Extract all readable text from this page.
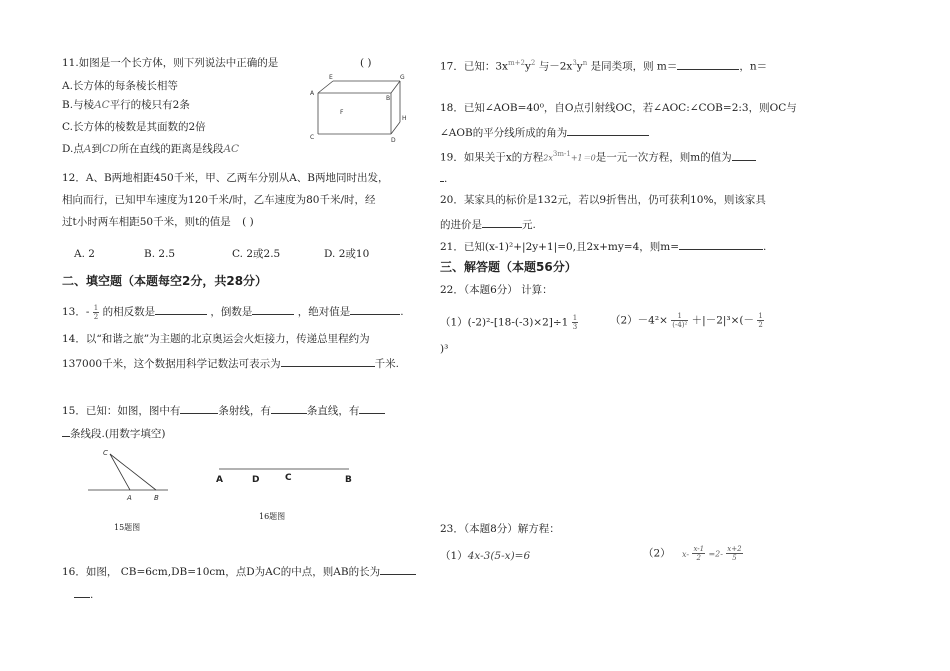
11.如图是一个长方体，则下列说法中正确的是	( )
A.长方体的每条棱长相等
B.与棱AC平行的棱只有2条
C.长方体的棱数是其面数的2倍
D.点A到CD所在直线的距离是线段AC
E	G
A
B
F
H
C	D
12．A、B两地相距450千米，甲、乙两车分别从A、B两地同时出发，
相向而行，已知甲车速度为120千米/时，乙车速度为80千米/时，经
过t小时两车相距50千米，则t的值是 ( )
A. 2	B. 2.5	C. 2或2.5	D. 2或10
二、填空题（本题每空2分，共28分）
13．- $\frac{1}{2}$ 的相反数是	，倒数是	，绝对值是	.
14．以“和谐之旅”为主题的北京奥运会火炬接力，传递总里程约为
137000千米，这个数据用科学记数法可表示为	千米.
15．已知：如图，图中有	条射线，有	条直线，有
条线段.(用数字填空)
C
A	B
15题图
A	D	C	B
16题图
16．如图， CB=6cm,DB=10cm，点D为AC的中点，则AB的长为
.
17．已知：$3x^{m+2}y^2$ 与$-2x^3y^n$ 是同类项，则 m＝	，n＝
18．已知∠AOB=40⁰，自O点引射线OC，若∠AOC:∠COB=2:3，则OC与
∠AOB的平分线所成的角为
19．如果关于x的方程$2x^{3m-1}+1=0$是一元一次方程，则m的值为
.
20．某家具的标价是132元，若以9折售出，仍可获利10%，则该家具
的进价是	元.
21．已知(x-1)²+|2y+1|=0,且2x+my=4，则m=	.
三、解答题（本题56分）
22．（本题6分） 计算：
$(1)(-2)^2-[18-(-3)\times 2]\div 1 \frac{1}{3}$	$(2)-4^2\times \frac{1}{\text{(-4)²}} +|-2|^3\times(- \frac{1}{2}$
)³
23．（本题8分）解方程：
（1）4x-3(5-x)=6	（2） $x- \frac{x-1}{2} =2- \frac{x+2}{5}$
